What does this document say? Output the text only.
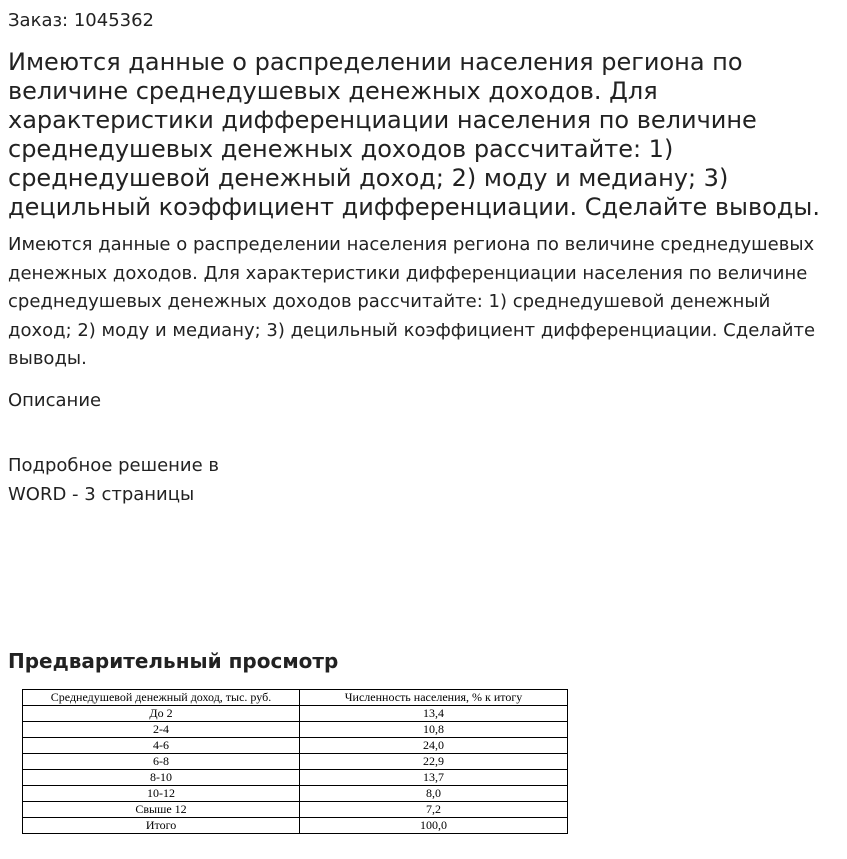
Заказ: 1045362
Имеются данные о распределении населения региона по величине среднедушевых денежных доходов. Для характеристики дифференциации населения по величине среднедушевых денежных доходов рассчитайте: 1) среднедушевой денежный доход; 2) моду и медиану; 3) децильный коэффициент дифференциации. Сделайте выводы.

Имеются данные о распределении населения региона по величине среднедушевых денежных доходов. Для характеристики дифференциации населения по величине среднедушевых денежных доходов рассчитайте: 1) среднедушевой денежный доход; 2) моду и медиану; 3) децильный коэффициент дифференциации. Сделайте выводы.

Описание
Подробное решение в
WORD - 3 страницы
Предварительный просмотр
Среднедушевой денежный доход, тыс. руб.	Численность населения, % к итогу
До 2	13,4
2-4	10,8
4-6	24,0
6-8	22,9
8-10	13,7
10-12	8,0
Свыше 12	7,2
Итого	100,0
